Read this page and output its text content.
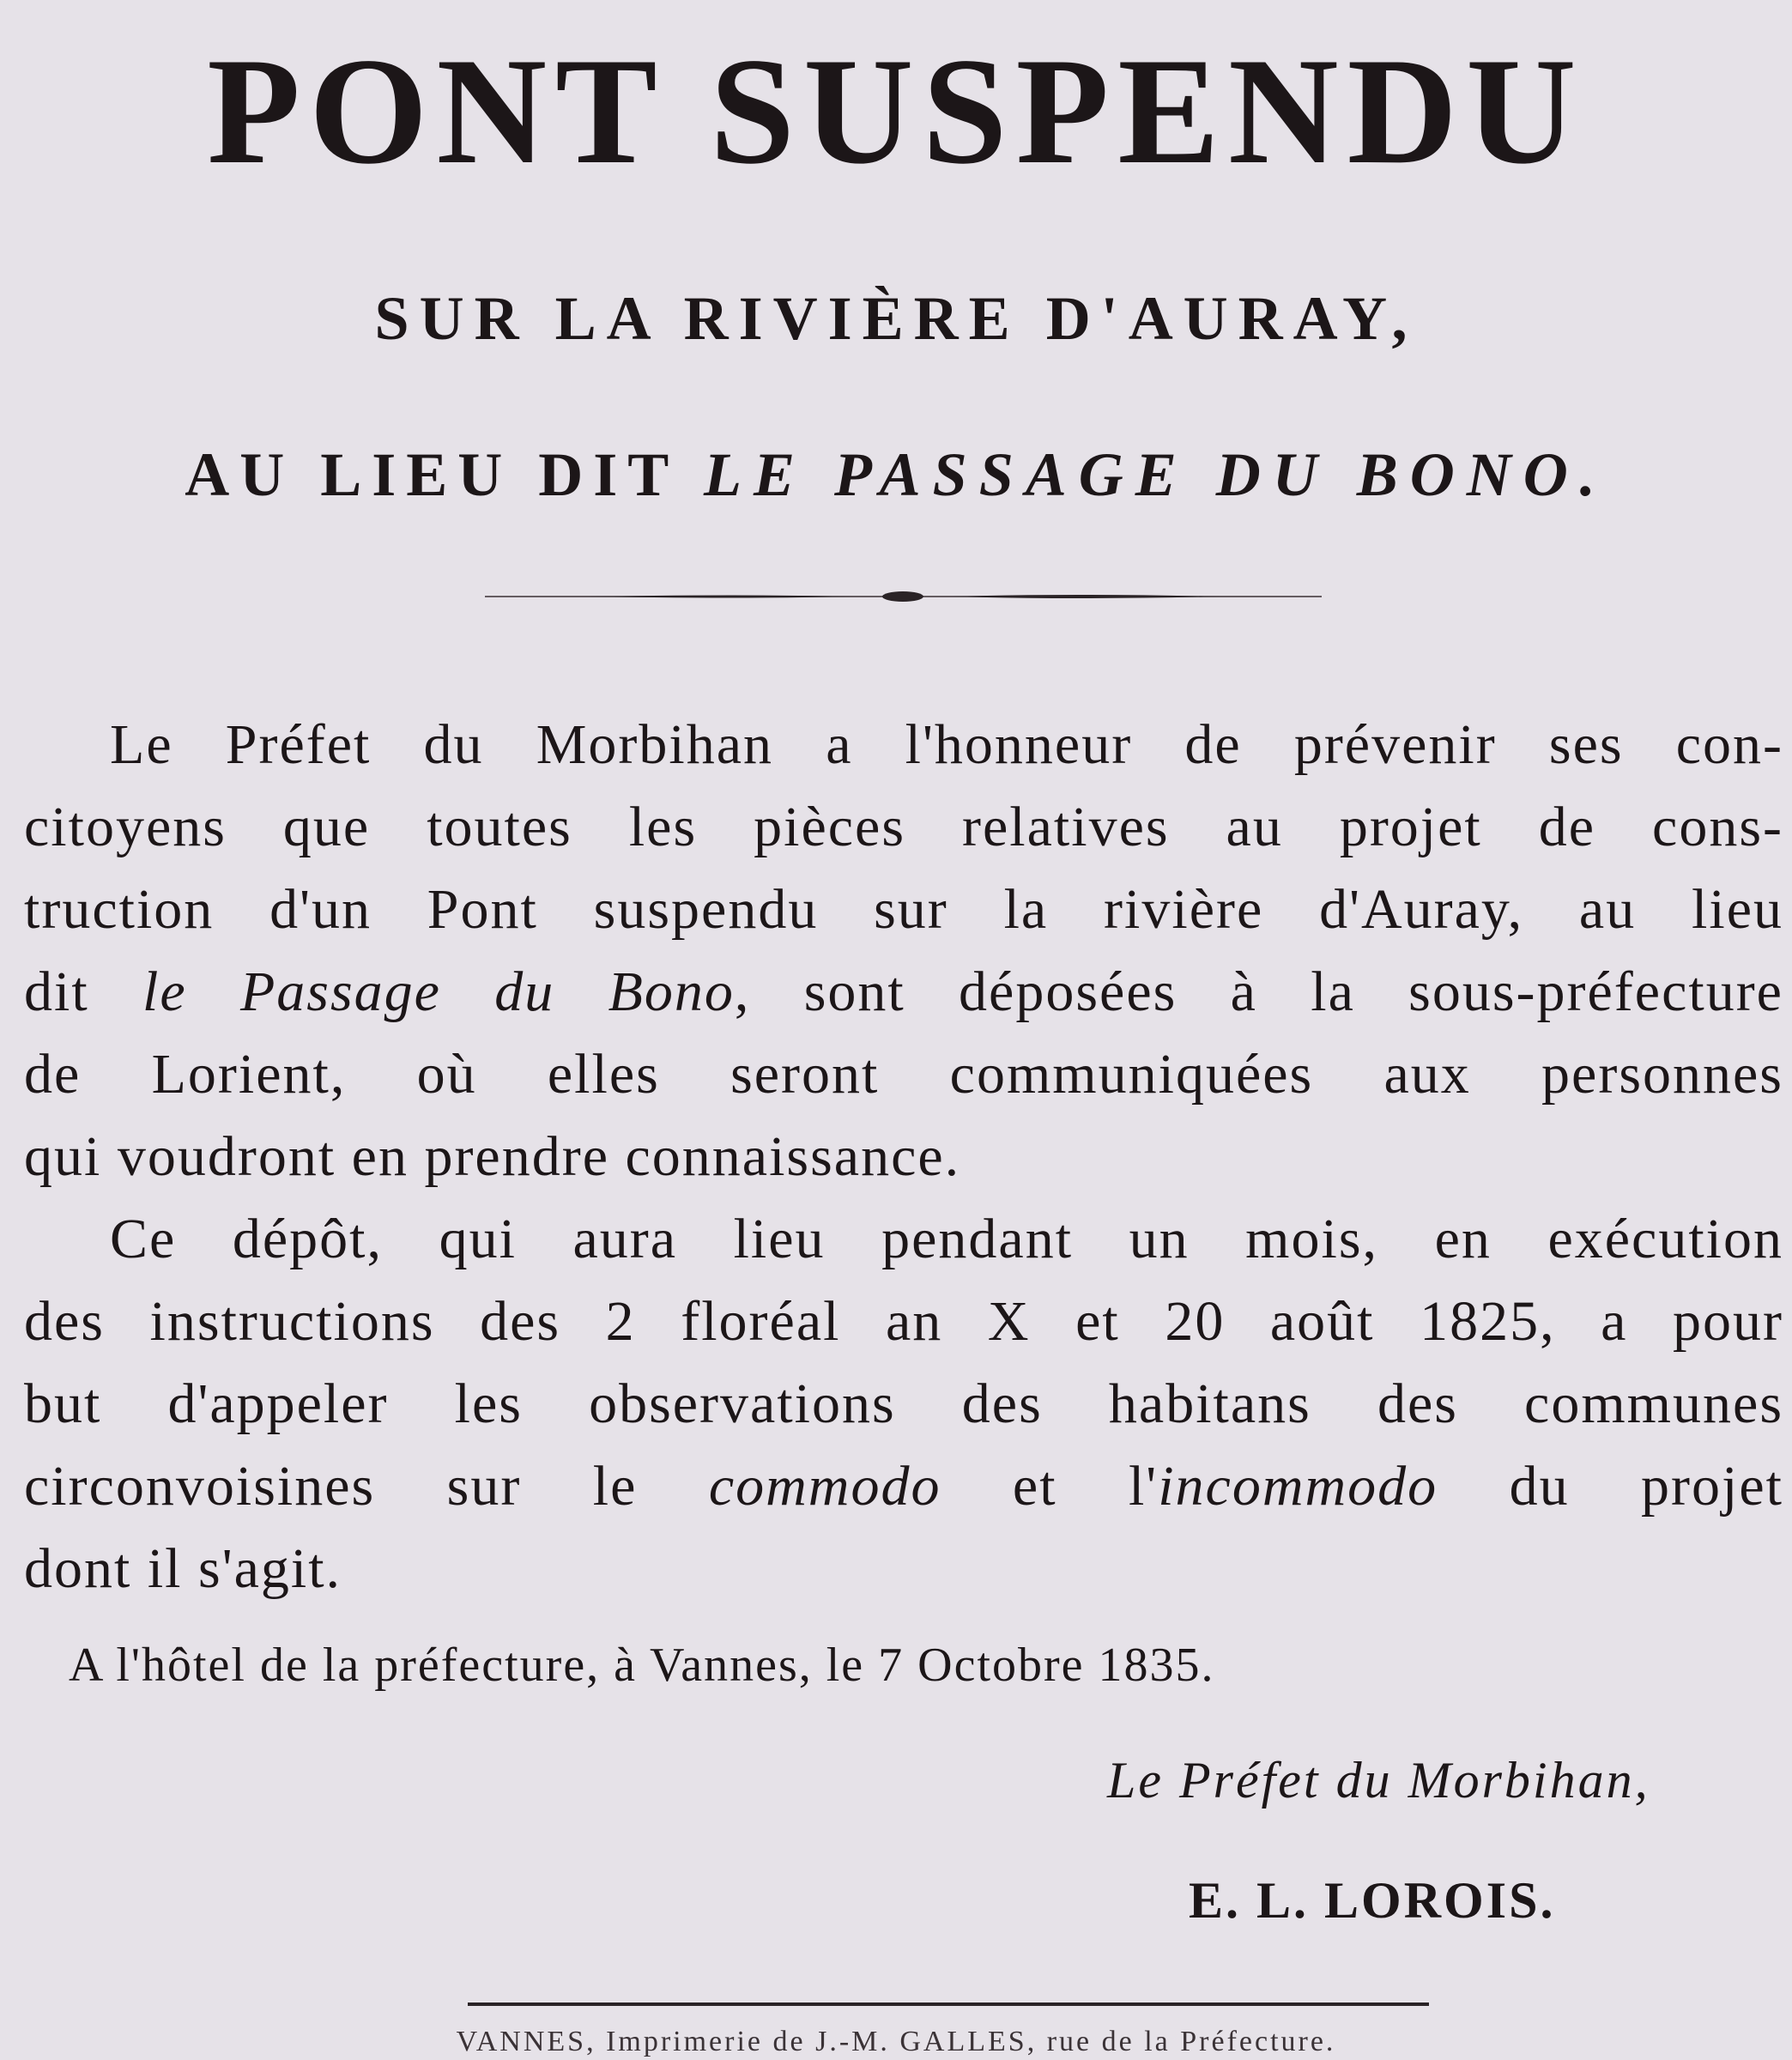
PONT SUSPENDU
SUR LA RIVIÈRE D'AURAY,
AU LIEU DIT LE PASSAGE DU BONO.
Le Préfet du Morbihan a l'honneur de prévenir ses con-
citoyens que toutes les pièces relatives au projet de cons-
truction d'un Pont suspendu sur la rivière d'Auray, au lieu
dit le Passage du Bono, sont déposées à la sous-préfecture
de Lorient, où elles seront communiquées aux personnes
qui voudront en prendre connaissance.
Ce dépôt, qui aura lieu pendant un mois, en exécution
des instructions des 2 floréal an X et 20 août 1825, a pour
but d'appeler les observations des habitans des communes
circonvoisines sur le commodo et l'incommodo du projet
dont il s'agit.
A l'hôtel de la préfecture, à Vannes, le 7 Octobre 1835.
Le Préfet du Morbihan,
E. L. LOROIS.
VANNES, Imprimerie de J.-M. GALLES, rue de la Préfecture.
